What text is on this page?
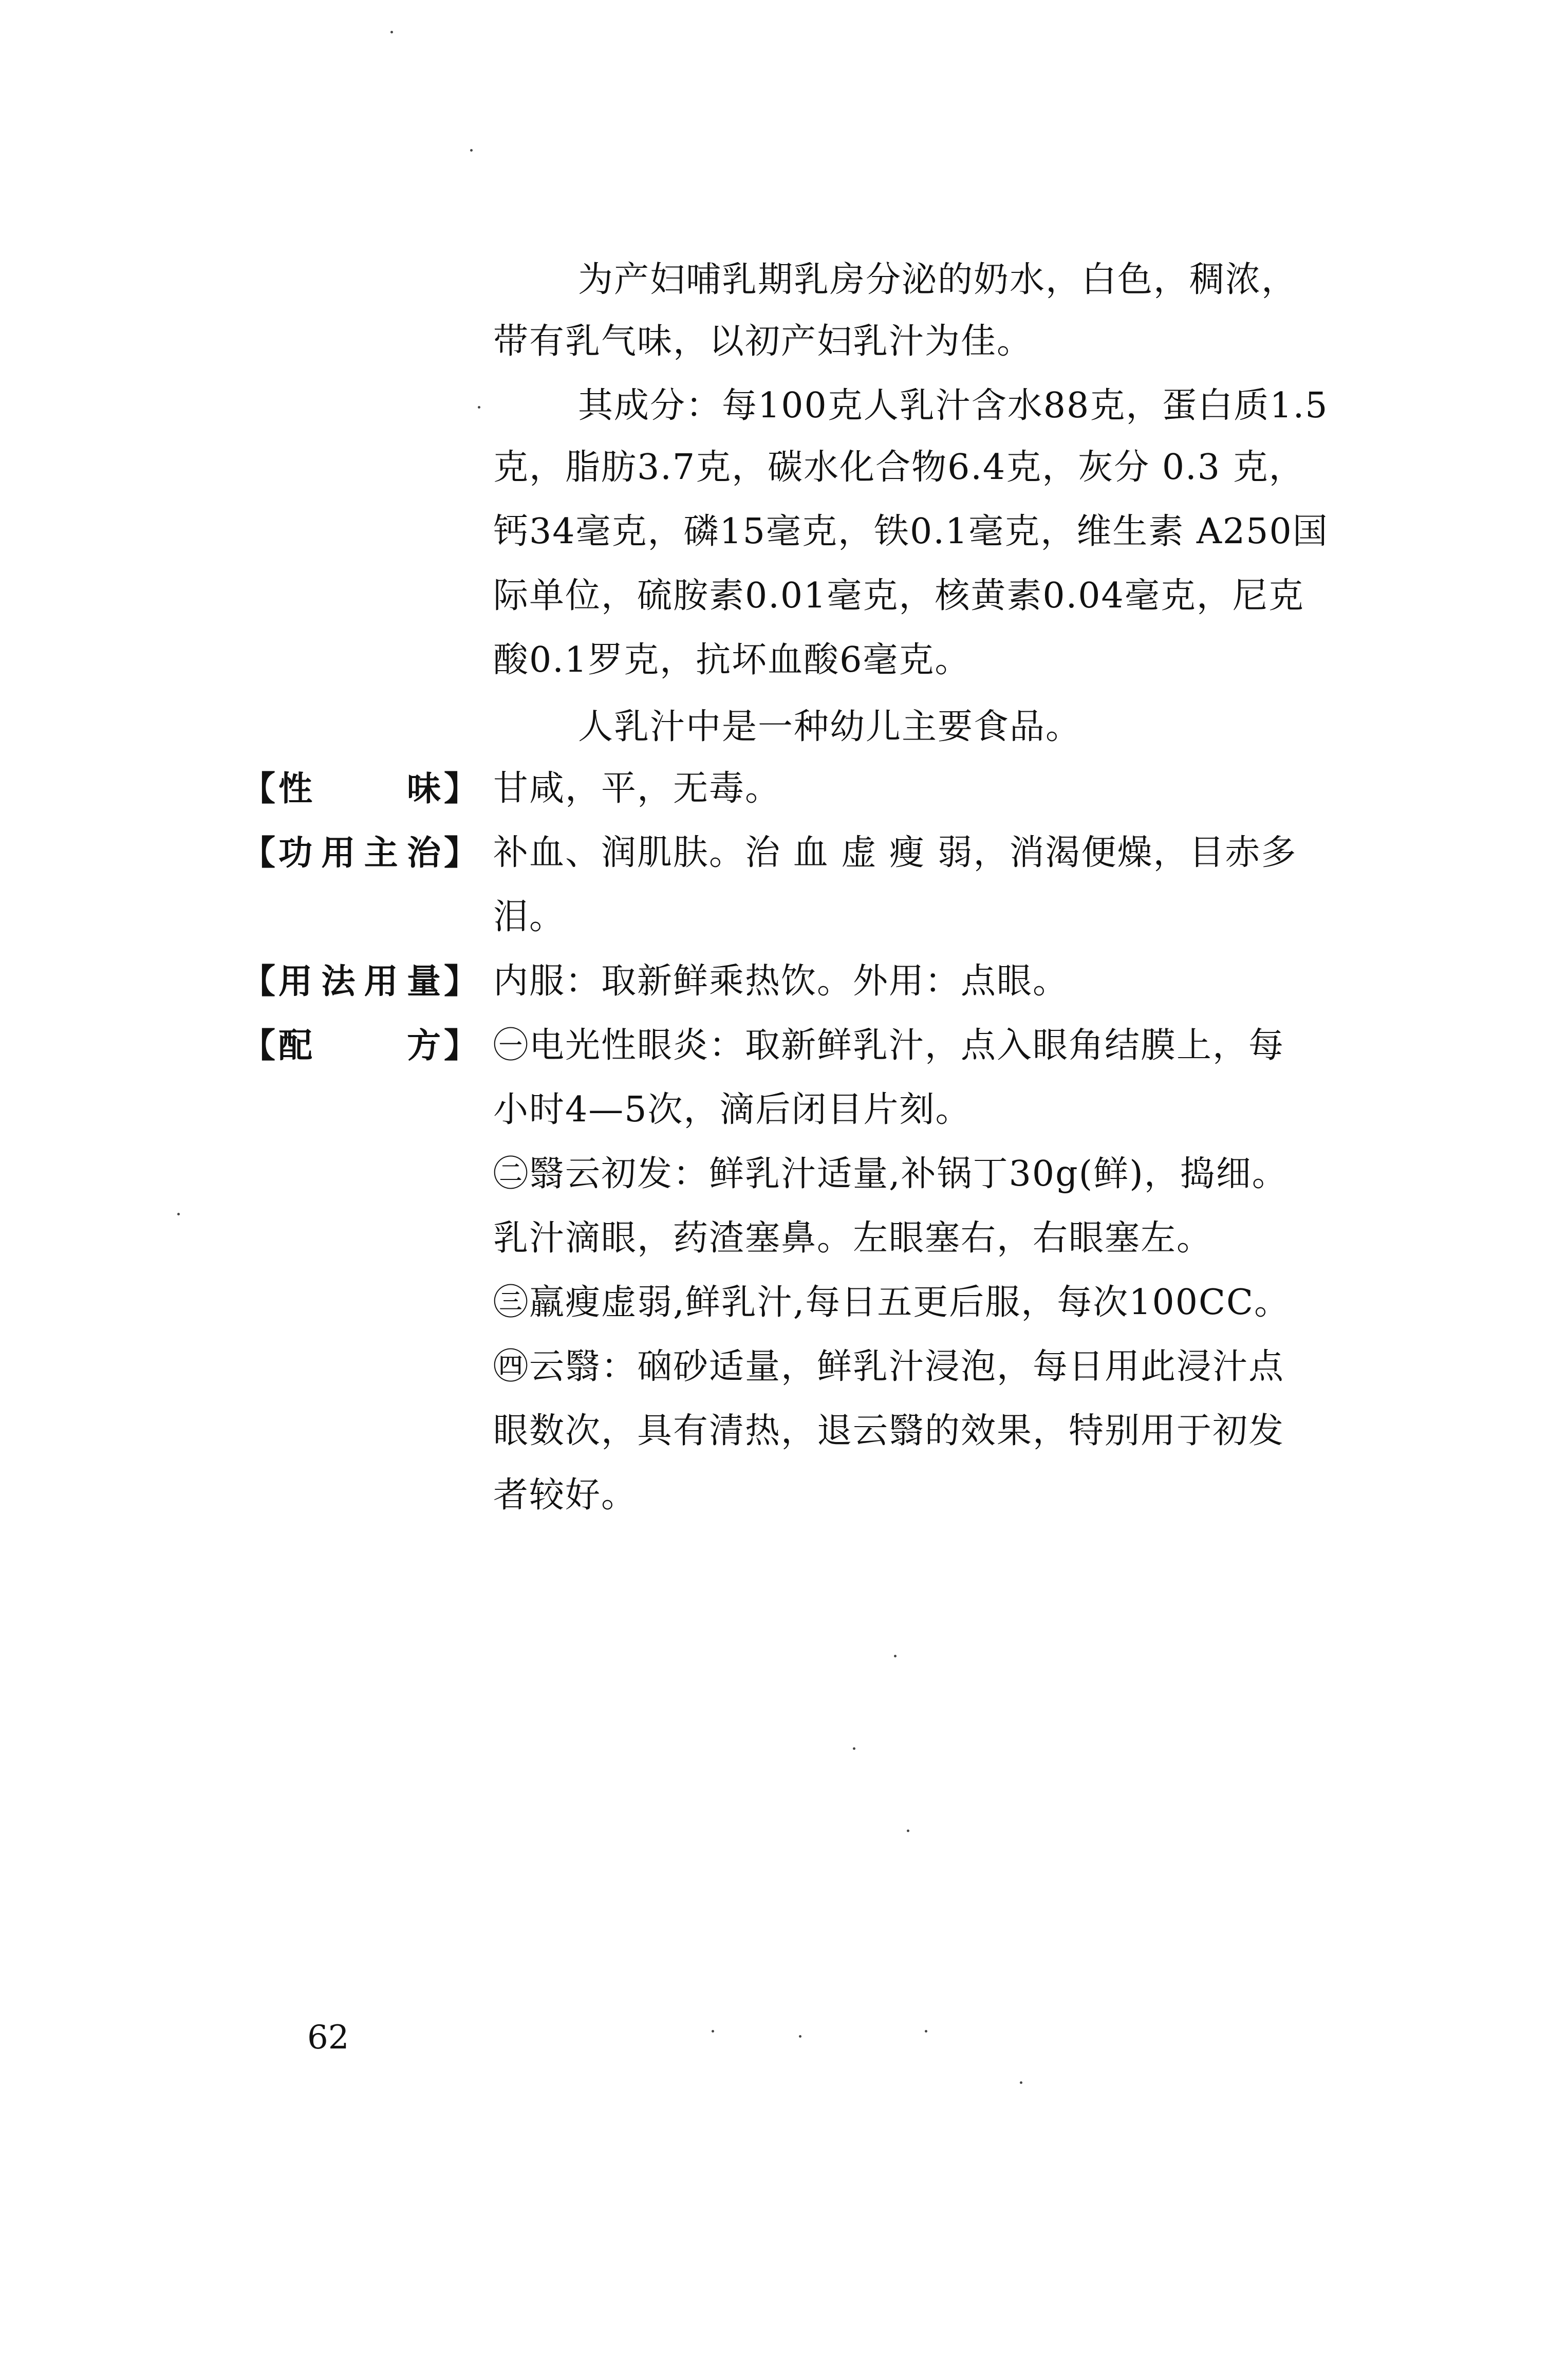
为产妇哺乳期乳房分泌的奶水，白色，稠浓，
带有乳气味，以初产妇乳汁为佳。
其成分：每100克人乳汁含水88克，蛋白质1.5
克，脂肪3.7克，碳水化合物6.4克，灰分 0.3 克，
钙34毫克，磷15毫克，铁0.1毫克，维生素 A250国
际单位，硫胺素0.01毫克，核黄素0.04毫克，尼克
酸0.1罗克，抗坏血酸6毫克。
人乳汁中是一种幼儿主要食品。
【 性	味 】 甘咸，平，无毒。
【 功 用 主 治 】 补血、润肌肤。治 血 虚 瘦 弱，消渴便燥，目赤多
泪。
【 用 法 用 量 】 内服：取新鲜乘热饮。外用：点眼。
【 配	方 】 ㊀电光性眼炎：取新鲜乳汁，点入眼角结膜上，每
小时4—5次，滴后闭目片刻。
㊁翳云初发：鲜乳汁适量,补锅丁30g(鲜)，捣细。
乳汁滴眼，药渣塞鼻。左眼塞右，右眼塞左。
㊂羸瘦虚弱,鲜乳汁,每日五更后服，每次100CC。
㊃云翳：硇砂适量，鲜乳汁浸泡，每日用此浸汁点
眼数次，具有清热，退云翳的效果，特别用于初发
者较好。
62
